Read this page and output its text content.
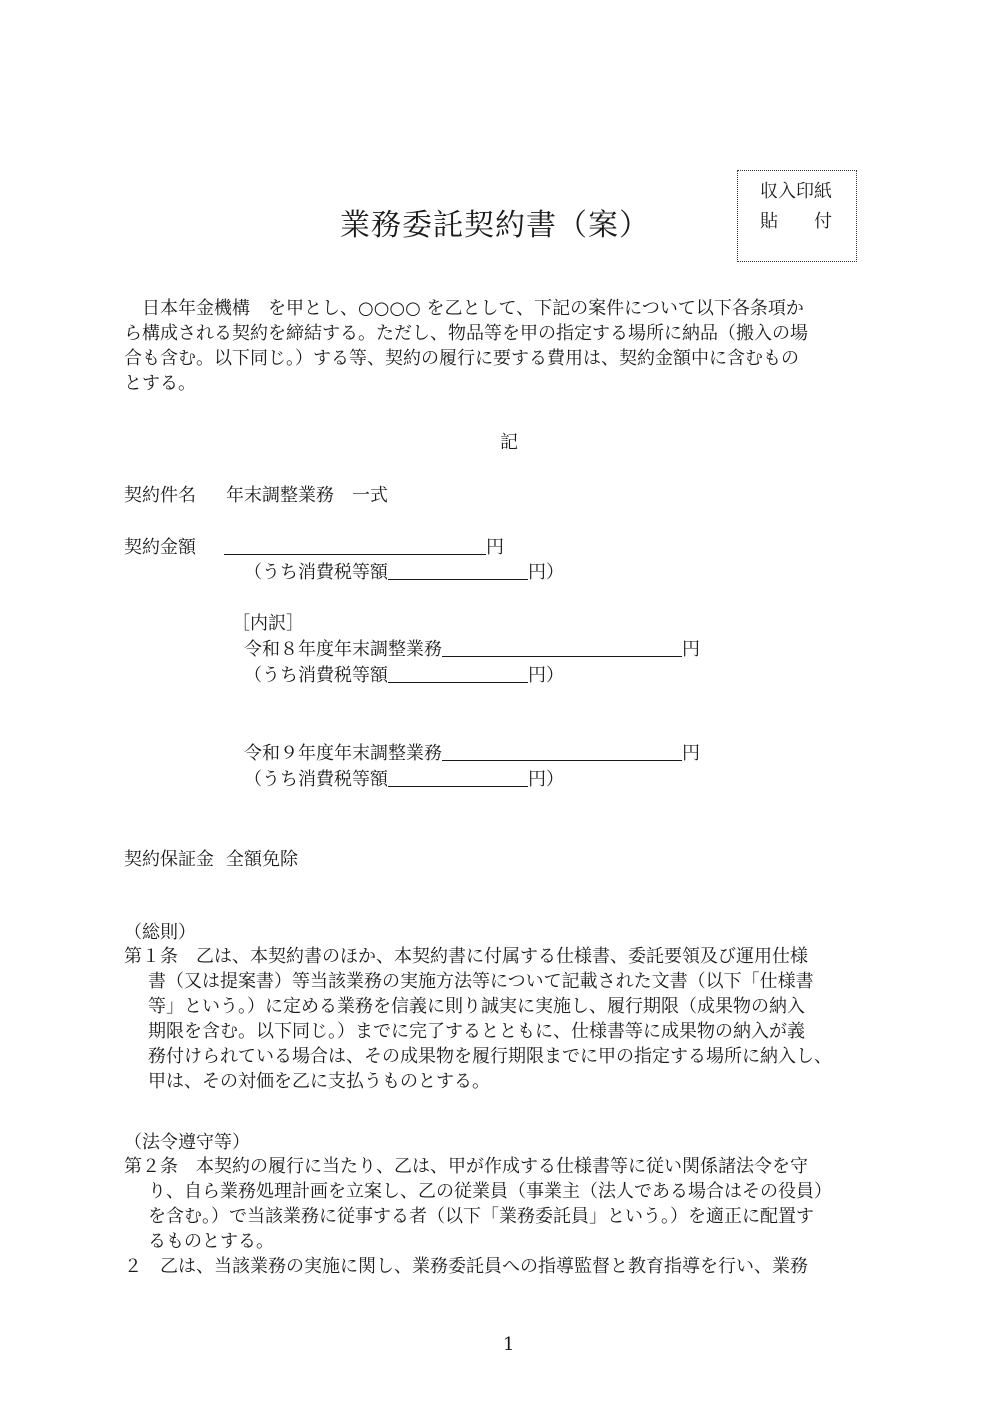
業務委託契約書（案）
収入印紙
貼　　付
　日本年金機構　を甲とし、○○○○ を乙として、下記の案件について以下各条項か
ら構成される契約を締結する。ただし、物品等を甲の指定する場所に納品（搬入の場
合も含む。以下同じ。）する等、契約の履行に要する費用は、契約金額中に含むもの
とする。
記
契約件名 年末調整業務　一式
契約金額	円
（うち消費税等額	円）
［内訳］
令和８年度年末調整業務	円
（うち消費税等額	円）
令和９年度年末調整業務	円
（うち消費税等額	円）
契約保証金 全額免除
（総則）
第１条　乙は、本契約書のほか、本契約書に付属する仕様書、委託要領及び運用仕様
書（又は提案書）等当該業務の実施方法等について記載された文書（以下「仕様書
等」という。）に定める業務を信義に則り誠実に実施し、履行期限（成果物の納入
期限を含む。以下同じ。）までに完了するとともに、仕様書等に成果物の納入が義
務付けられている場合は、その成果物を履行期限までに甲の指定する場所に納入し、
甲は、その対価を乙に支払うものとする。
（法令遵守等）
第２条　本契約の履行に当たり、乙は、甲が作成する仕様書等に従い関係諸法令を守
り、自ら業務処理計画を立案し、乙の従業員（事業主（法人である場合はその役員）
を含む。）で当該業務に従事する者（以下「業務委託員」という。）を適正に配置す
るものとする。
２　乙は、当該業務の実施に関し、業務委託員への指導監督と教育指導を行い、業務
1
